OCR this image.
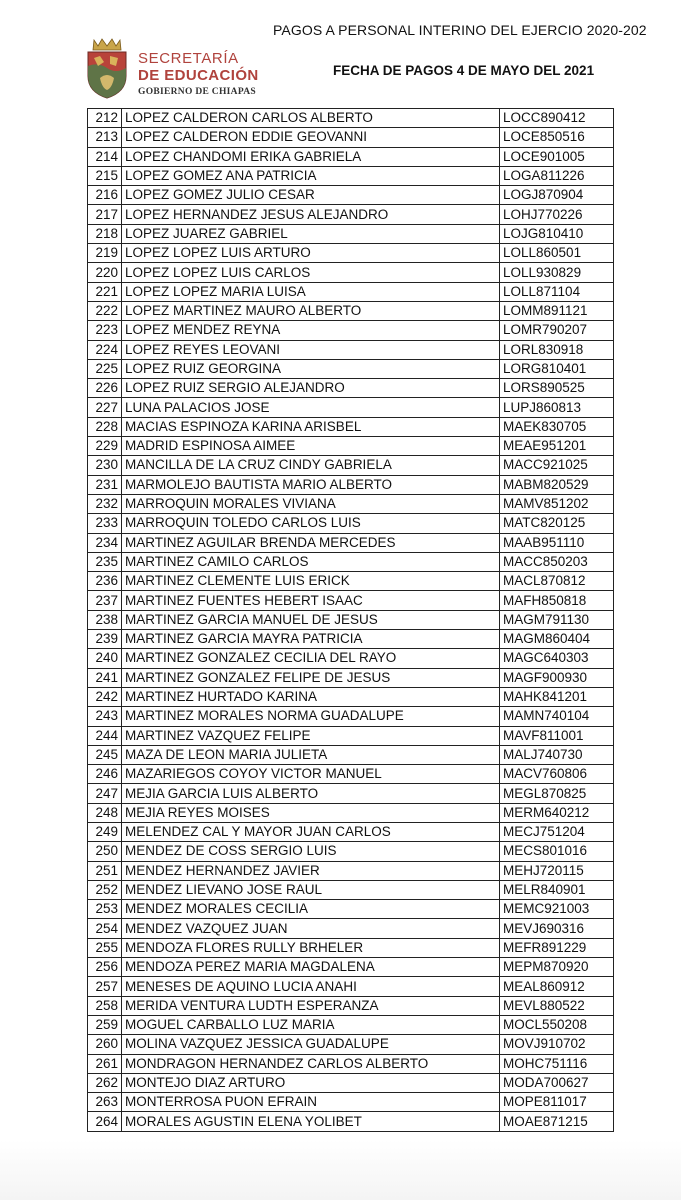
SECRETARÍA
DE EDUCACIÓN
GOBIERNO DE CHIAPAS
PAGOS A PERSONAL INTERINO DEL EJERCIO 2020-202
FECHA DE PAGOS 4 DE MAYO DEL 2021
212	LOPEZ CALDERON CARLOS ALBERTO	LOCC890412
213	LOPEZ CALDERON EDDIE GEOVANNI	LOCE850516
214	LOPEZ CHANDOMI ERIKA GABRIELA	LOCE901005
215	LOPEZ GOMEZ ANA PATRICIA	LOGA811226
216	LOPEZ GOMEZ JULIO CESAR	LOGJ870904
217	LOPEZ HERNANDEZ JESUS ALEJANDRO	LOHJ770226
218	LOPEZ JUAREZ GABRIEL	LOJG810410
219	LOPEZ LOPEZ LUIS ARTURO	LOLL860501
220	LOPEZ LOPEZ LUIS CARLOS	LOLL930829
221	LOPEZ LOPEZ MARIA LUISA	LOLL871104
222	LOPEZ MARTINEZ MAURO ALBERTO	LOMM891121
223	LOPEZ MENDEZ REYNA	LOMR790207
224	LOPEZ REYES LEOVANI	LORL830918
225	LOPEZ RUIZ GEORGINA	LORG810401
226	LOPEZ RUIZ SERGIO ALEJANDRO	LORS890525
227	LUNA PALACIOS JOSE	LUPJ860813
228	MACIAS ESPINOZA KARINA ARISBEL	MAEK830705
229	MADRID ESPINOSA AIMEE	MEAE951201
230	MANCILLA DE LA CRUZ CINDY GABRIELA	MACC921025
231	MARMOLEJO BAUTISTA MARIO ALBERTO	MABM820529
232	MARROQUIN MORALES VIVIANA	MAMV851202
233	MARROQUIN TOLEDO CARLOS LUIS	MATC820125
234	MARTINEZ AGUILAR BRENDA MERCEDES	MAAB951110
235	MARTINEZ CAMILO CARLOS	MACC850203
236	MARTINEZ CLEMENTE LUIS ERICK	MACL870812
237	MARTINEZ FUENTES HEBERT ISAAC	MAFH850818
238	MARTINEZ GARCIA MANUEL DE JESUS	MAGM791130
239	MARTINEZ GARCIA MAYRA PATRICIA	MAGM860404
240	MARTINEZ GONZALEZ CECILIA DEL RAYO	MAGC640303
241	MARTINEZ GONZALEZ FELIPE DE JESUS	MAGF900930
242	MARTINEZ HURTADO KARINA	MAHK841201
243	MARTINEZ MORALES NORMA GUADALUPE	MAMN740104
244	MARTINEZ VAZQUEZ FELIPE	MAVF811001
245	MAZA DE LEON MARIA JULIETA	MALJ740730
246	MAZARIEGOS COYOY VICTOR MANUEL	MACV760806
247	MEJIA GARCIA LUIS ALBERTO	MEGL870825
248	MEJIA REYES MOISES	MERM640212
249	MELENDEZ CAL Y MAYOR JUAN CARLOS	MECJ751204
250	MENDEZ DE COSS SERGIO LUIS	MECS801016
251	MENDEZ HERNANDEZ JAVIER	MEHJ720115
252	MENDEZ LIEVANO JOSE RAUL	MELR840901
253	MENDEZ MORALES CECILIA	MEMC921003
254	MENDEZ VAZQUEZ JUAN	MEVJ690316
255	MENDOZA FLORES RULLY BRHELER	MEFR891229
256	MENDOZA PEREZ MARIA MAGDALENA	MEPM870920
257	MENESES DE AQUINO LUCIA ANAHI	MEAL860912
258	MERIDA VENTURA LUDTH ESPERANZA	MEVL880522
259	MOGUEL CARBALLO LUZ MARIA	MOCL550208
260	MOLINA VAZQUEZ JESSICA GUADALUPE	MOVJ910702
261	MONDRAGON HERNANDEZ CARLOS ALBERTO	MOHC751116
262	MONTEJO DIAZ ARTURO	MODA700627
263	MONTERROSA PUON EFRAIN	MOPE811017
264	MORALES AGUSTIN ELENA YOLIBET	MOAE871215
